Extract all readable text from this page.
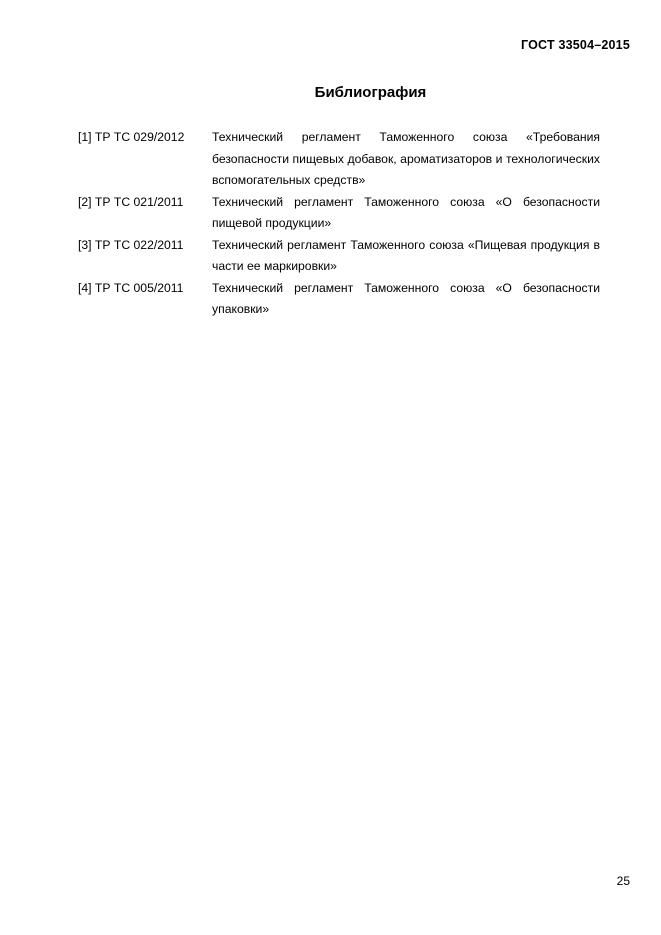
ГОСТ 33504–2015
Библиография
[1] ТР ТС 029/2012	Технический регламент Таможенного союза «Требования безопасности пищевых добавок, ароматизаторов и технологических вспомогательных средств»
[2] ТР ТС 021/2011	Технический регламент Таможенного союза «О безопасности пищевой продукции»
[3] ТР ТС 022/2011	Технический регламент Таможенного союза «Пищевая продукция в части ее маркировки»
[4] ТР ТС 005/2011	Технический регламент Таможенного союза «О безопасности упаковки»
25
